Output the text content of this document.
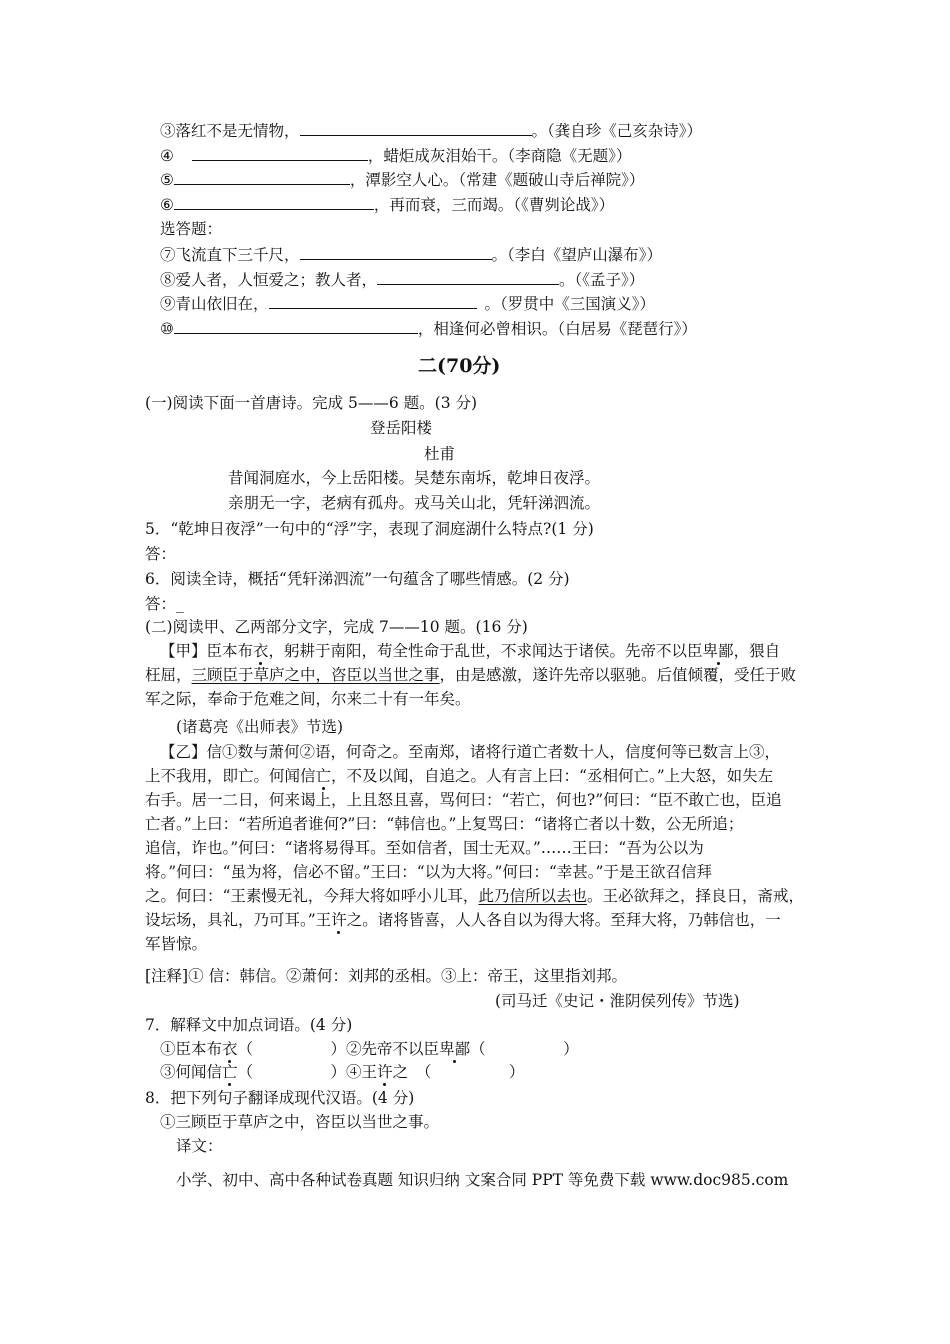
③落红不是无情物，	。（龚自珍《己亥杂诗》）
④	，蜡炬成灰泪始干。（李商隐《无题》）
⑤	，潭影空人心。（常建《题破山寺后禅院》）
⑥	，再而衰，三而竭。（《曹刿论战》）
选答题：
⑦飞流直下三千尺，	。（李白《望庐山瀑布》）
⑧爱人者，人恒爱之；教人者，	。（《孟子》）
⑨青山依旧在，	。（罗贯中《三国演义》）
⑩	，相逢何必曾相识。（白居易《琵琶行》）
二(70分)
(一)阅读下面一首唐诗。完成 5——6 题。(3 分)
登岳阳楼
杜甫
昔闻洞庭水，今上岳阳楼。吴楚东南坼，乾坤日夜浮。
亲朋无一字，老病有孤舟。戎马关山北，凭轩涕泗流。
5．“乾坤日夜浮”一句中的“浮”字，表现了洞庭湖什么特点?(1 分)
答：
6．阅读全诗，概括“凭轩涕泗流”一句蕴含了哪些情感。(2 分)
答：_
(二)阅读甲、乙两部分文字，完成 7——10 题。(16 分)
【甲】臣本布衣，躬耕于南阳，苟全性命于乱世，不求闻达于诸侯。先帝不以臣卑鄙，猥自
枉屈，三顾臣于草庐之中，咨臣以当世之事，由是感激，遂许先帝以驱驰。后值倾覆，受任于败
军之际，奉命于危难之间，尔来二十有一年矣。
(诸葛亮《出师表》节选)
【乙】信①数与萧何②语，何奇之。至南郑，诸将行道亡者数十人，信度何等已数言上③，
上不我用，即亡。何闻信亡，不及以闻，自追之。人有言上曰：“丞相何亡。”上大怒，如失左
右手。居一二日，何来谒上，上且怒且喜，骂何曰：“若亡，何也?”何曰：“臣不敢亡也，臣追
亡者。”上曰：“若所追者谁何?”曰：“韩信也。”上复骂曰：“诸将亡者以十数，公无所追；
追信，诈也。”何曰：“诸将易得耳。至如信者，国士无双。”……王曰：“吾为公以为
将。”何曰：“虽为将，信必不留。”王曰：“以为大将。”何曰：“幸甚。”于是王欲召信拜
之。何曰：“王素慢无礼，今拜大将如呼小儿耳，此乃信所以去也。王必欲拜之，择良日，斋戒，
设坛场，具礼，乃可耳。”王许之。诸将皆喜，人人各自以为得大将。至拜大将，乃韩信也，一
军皆惊。
[注释]① 信：韩信。②萧何：刘邦的丞相。③上：帝王，这里指刘邦。
(司马迁《史记・淮阴侯列传》节选)
7．解释文中加点词语。(4 分)
①臣本布衣（　　　　　）②先帝不以臣卑鄙（　　　　　）
③何闻信亡（　　　　　）④王许之　（　　　　　）
8．把下列句子翻译成现代汉语。(4 分)
①三顾臣于草庐之中，咨臣以当世之事。
译文：
小学、初中、高中各种试卷真题 知识归纳 文案合同 PPT 等免费下载 www.doc985.com
